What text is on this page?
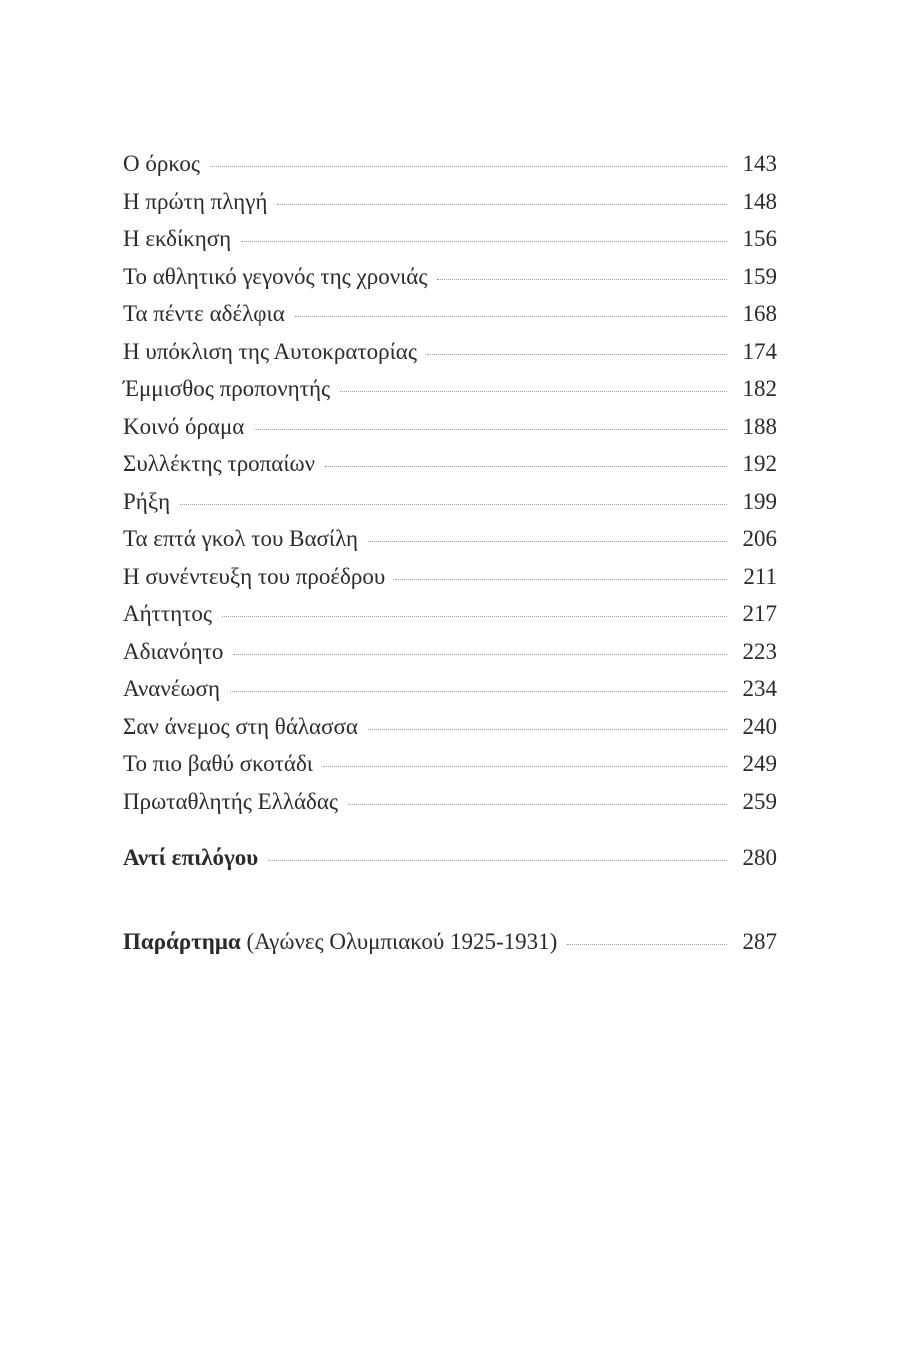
Ο όρκος	143
Η πρώτη πληγή	148
Η εκδίκηση	156
Το αθλητικό γεγονός της χρονιάς	159
Τα πέντε αδέλφια	168
Η υπόκλιση της Αυτοκρατορίας	174
Έμμισθος προπονητής	182
Κοινό όραμα	188
Συλλέκτης τροπαίων	192
Ρήξη	199
Τα επτά γκολ του Βασίλη	206
Η συνέντευξη του προέδρου	211
Αήττητος	217
Αδιανόητο	223
Ανανέωση	234
Σαν άνεμος στη θάλασσα	240
Το πιο βαθύ σκοτάδι	249
Πρωταθλητής Ελλάδας	259
Αντί επιλόγου	280
Παράρτημα (Αγώνες Ολυμπιακού 1925-1931)	287
